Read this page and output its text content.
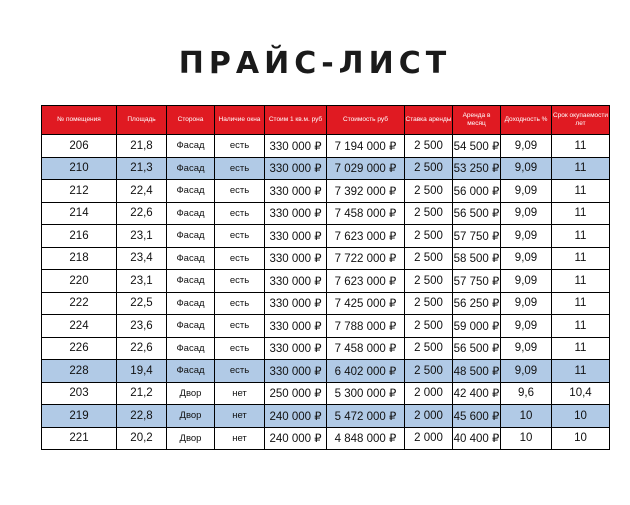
ПРАЙС-ЛИСТ
№ помещения	Площадь	Сторона	Наличие окна	Стоим 1 кв.м. руб	Стоимость руб	Ставка аренды	Аренда в месяц	Доходность %	Срок окупаемости лет
206	21,8	Фасад	есть	330 000 ₽	7 194 000 ₽	2 500	54 500 ₽	9,09	11
210	21,3	Фасад	есть	330 000 ₽	7 029 000 ₽	2 500	53 250 ₽	9,09	11
212	22,4	Фасад	есть	330 000 ₽	7 392 000 ₽	2 500	56 000 ₽	9,09	11
214	22,6	Фасад	есть	330 000 ₽	7 458 000 ₽	2 500	56 500 ₽	9,09	11
216	23,1	Фасад	есть	330 000 ₽	7 623 000 ₽	2 500	57 750 ₽	9,09	11
218	23,4	Фасад	есть	330 000 ₽	7 722 000 ₽	2 500	58 500 ₽	9,09	11
220	23,1	Фасад	есть	330 000 ₽	7 623 000 ₽	2 500	57 750 ₽	9,09	11
222	22,5	Фасад	есть	330 000 ₽	7 425 000 ₽	2 500	56 250 ₽	9,09	11
224	23,6	Фасад	есть	330 000 ₽	7 788 000 ₽	2 500	59 000 ₽	9,09	11
226	22,6	Фасад	есть	330 000 ₽	7 458 000 ₽	2 500	56 500 ₽	9,09	11
228	19,4	Фасад	есть	330 000 ₽	6 402 000 ₽	2 500	48 500 ₽	9,09	11
203	21,2	Двор	нет	250 000 ₽	5 300 000 ₽	2 000	42 400 ₽	9,6	10,4
219	22,8	Двор	нет	240 000 ₽	5 472 000 ₽	2 000	45 600 ₽	10	10
221	20,2	Двор	нет	240 000 ₽	4 848 000 ₽	2 000	40 400 ₽	10	10
